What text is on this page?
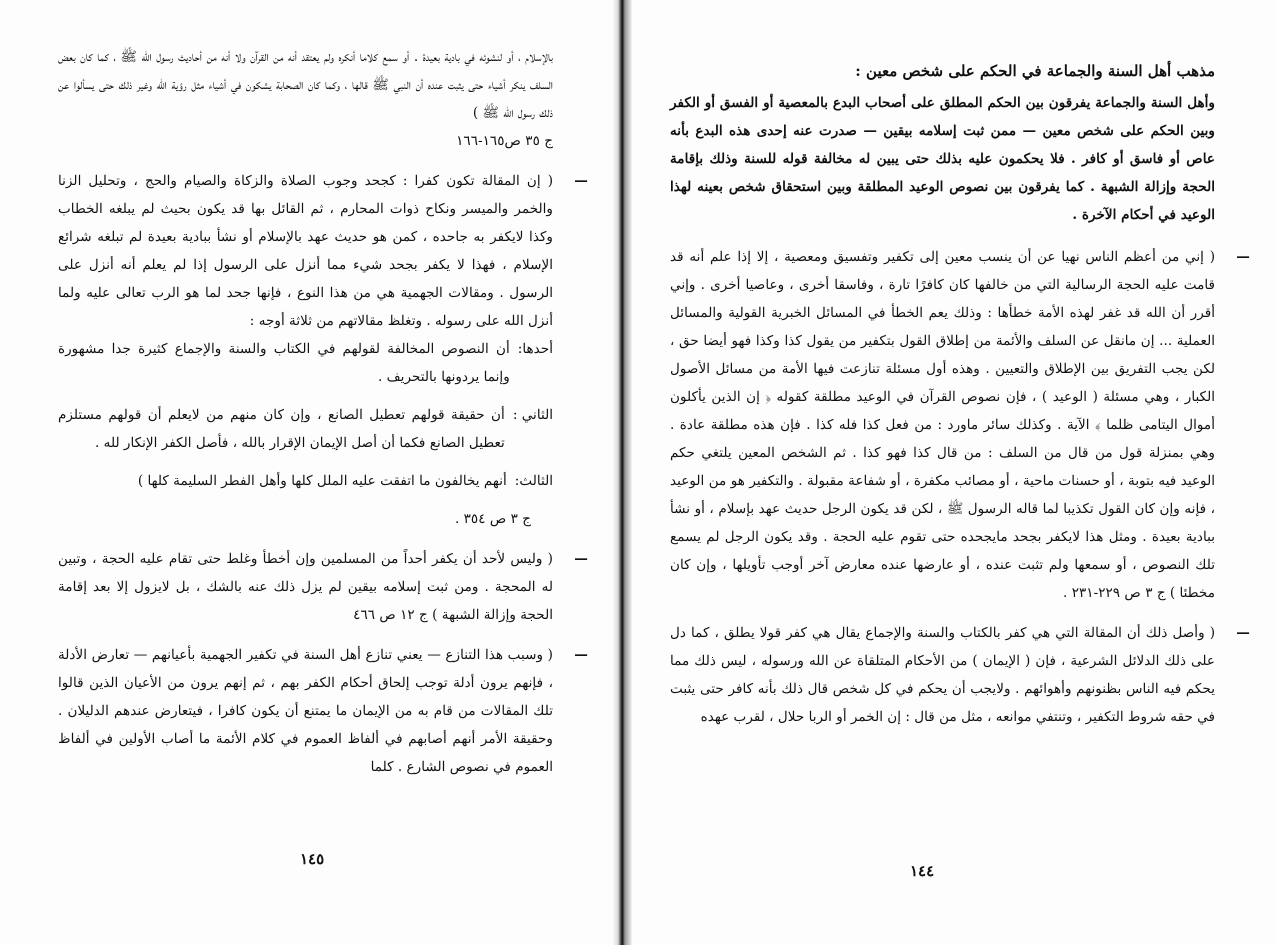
بالإسلام ، أو لنشوئه في بادية بعيدة . أو سمع كلاما أنكره ولم يعتقد أنه من القرآن ولا أنه من أحاديث رسول الله ﷺ ، كما كان بعض السلف ينكر أشياء حتى يثبت عنده أن النبي ﷺ قالها ، وكما كان الصحابة يشكون في أشياء مثل رؤية الله وغير ذلك حتى يسألوا عن ذلك رسول الله ﷺ )
ج ٣٥ ص١٦٥-١٦٦

—

( إن المقالة تكون كفرا : كجحد وجوب الصلاة والزكاة والصيام والحج ، وتحليل الزنا والخمر والميسر ونكاح ذوات المحارم ، ثم القائل بها قد يكون بحيث لم يبلغه الخطاب وكذا لايكفر به جاحده ، كمن هو حديث عهد بالإسلام أو نشأ ببادية بعيدة لم تبلغه شرائع الإسلام ، فهذا لا يكفر بجحد شيء مما أنزل على الرسول إذا لم يعلم أنه أنزل على الرسول . ومقالات الجهمية هي من هذا النوع ، فإنها جحد لما هو الرب تعالى عليه ولما أنزل الله على رسوله . وتغلظ مقالاتهم من ثلاثة أوجه :

أحدها:
أن النصوص المخالفة لقولهم في الكتاب والسنة والإجماع كثيرة جدا مشهورة وإنما يردونها بالتحريف .
الثاني :
أن حقيقة قولهم تعطيل الصانع ، وإن كان منهم من لايعلم أن قولهم مستلزم تعطيل الصانع فكما أن أصل الإيمان الإقرار بالله ، فأصل الكفر الإنكار لله .
الثالث:
أنهم يخالفون ما اتفقت عليه الملل كلها وأهل الفطر السليمة كلها )

ج ٣ ص ٣٥٤ .

—

( وليس لأحد أن يكفر أحداً من المسلمين وإن أخطأ وغلط حتى تقام عليه الحجة ، وتبين له المحجة . ومن ثبت إسلامه بيقين لم يزل ذلك عنه بالشك ، بل لايزول إلا بعد إقامة الحجة وإزالة الشبهة ) ج ١٢ ص ٤٦٦

—

( وسبب هذا التنازع — يعني تنازع أهل السنة في تكفير الجهمية بأعيانهم — تعارض الأدلة ، فإنهم يرون أدلة توجب إلحاق أحكام الكفر بهم ، ثم إنهم يرون من الأعيان الذين قالوا تلك المقالات من قام به من الإيمان ما يمتنع أن يكون كافرا ، فيتعارض عندهم الدليلان . وحقيقة الأمر أنهم أصابهم في ألفاظ العموم في كلام الأئمة ما أصاب الأولين في ألفاظ العموم في نصوص الشارع . كلما

١٤٥

مذهب أهل السنة والجماعة في الحكم على شخص معين :

وأهل السنة والجماعة يفرقون بين الحكم المطلق على أصحاب البدع بالمعصية أو الفسق أو الكفر وبين الحكم على شخص معين — ممن ثبت إسلامه بيقين — صدرت عنه إحدى هذه البدع بأنه عاص أو فاسق أو كافر . فلا يحكمون عليه بذلك حتى يبين له مخالفة قوله للسنة وذلك بإقامة الحجة وإزالة الشبهة . كما يفرقون بين نصوص الوعيد المطلقة وبين استحقاق شخص بعينه لهذا الوعيد في أحكام الآخرة .

—

( إني من أعظم الناس نهيا عن أن ينسب معين إلى تكفير وتفسيق ومعصية ، إلا إذا علم أنه قد قامت عليه الحجة الرسالية التي من خالفها كان كافرًا تارة ، وفاسقا أخرى ، وعاصيا أخرى . وإني أقرر أن الله قد غفر لهذه الأمة خطأها : وذلك يعم الخطأ في المسائل الخبرية القولية والمسائل العملية ... إن مانقل عن السلف والأئمة من إطلاق القول بتكفير من يقول كذا وكذا فهو أيضا حق ، لكن يجب التفريق بين الإطلاق والتعيين . وهذه أول مسئلة تنازعت فيها الأمة من مسائل الأصول الكبار ، وهي مسئلة ( الوعيد ) ، فإن نصوص القرآن في الوعيد مطلقة كقوله ﴿ إن الذين يأكلون أموال اليتامى ظلما ﴾ الآية . وكذلك سائر ماورد : من فعل كذا فله كذا . فإن هذه مطلقة عادة . وهي بمنزلة قول من قال من السلف : من قال كذا فهو كذا . ثم الشخص المعين يلتغي حكم الوعيد فيه بتوبة ، أو حسنات ماحية ، أو مصائب مكفرة ، أو شفاعة مقبولة . والتكفير هو من الوعيد ، فإنه وإن كان القول تكذيبا لما قاله الرسول ﷺ ، لكن قد يكون الرجل حديث عهد بإسلام ، أو نشأ ببادية بعيدة . ومثل هذا لايكفر بجحد مايجحده حتى تقوم عليه الحجة . وقد يكون الرجل لم يسمع تلك النصوص ، أو سمعها ولم تثبت عنده ، أو عارضها عنده معارض آخر أوجب تأويلها ، وإن كان مخطئا ) ج ٣ ص ٢٢٩-٢٣١ .

—

( وأصل ذلك أن المقالة التي هي كفر بالكتاب والسنة والإجماع يقال هي كفر قولا يطلق ، كما دل على ذلك الدلائل الشرعية ، فإن ( الإيمان ) من الأحكام المتلقاة عن الله ورسوله ، ليس ذلك مما يحكم فيه الناس بظنونهم وأهوائهم . ولايجب أن يحكم في كل شخص قال ذلك بأنه كافر حتى يثبت في حقه شروط التكفير ، وتنتفي موانعه ، مثل من قال : إن الخمر أو الربا حلال ، لقرب عهده

١٤٤
